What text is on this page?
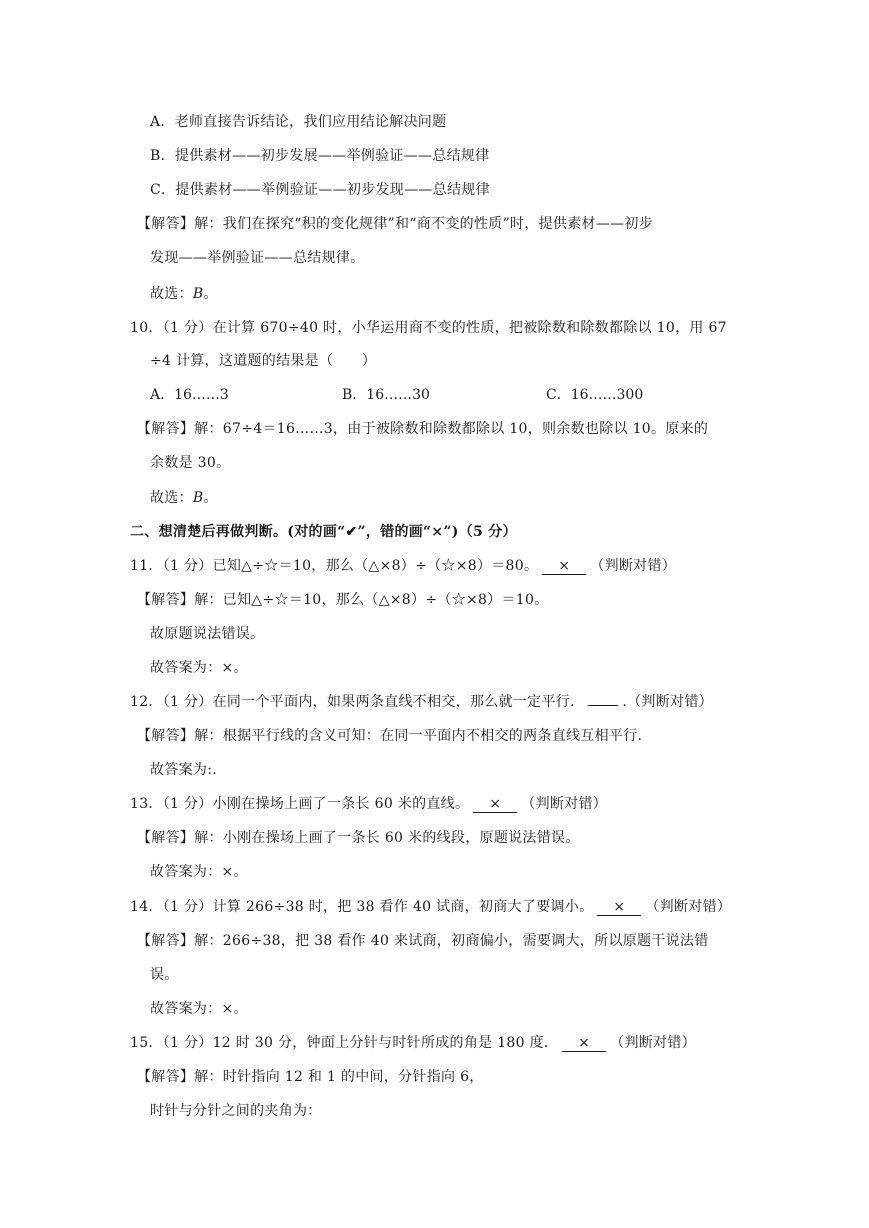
A．老师直接告诉结论，我们应用结论解决问题
B．提供素材——初步发展——举例验证——总结规律
C．提供素材——举例验证——初步发现——总结规律
【解答】解：我们在探究“积的变化规律”和“商不变的性质”时，提供素材——初步
发现——举例验证——总结规律。
故选：B。
10．（1 分）在计算 670÷40 时，小华运用商不变的性质，把被除数和除数都除以 10，用 67
÷4 计算，这道题的结果是（　　）
A．16……3	B．16……30	C．16……300
【解答】解：67÷4＝16……3，由于被除数和除数都除以 10，则余数也除以 10。原来的
余数是 30。
故选：B。
二、想清楚后再做判断。(对的画“✔”，错的画“×”)（5 分）
11．（1 分）已知△÷☆＝10，那么（△×8）÷（☆×8）＝80。 × （判断对错）
【解答】解：已知△÷☆＝10，那么（△×8）÷（☆×8）＝10。
故原题说法错误。
故答案为：×。
12．（1 分）在同一个平面内，如果两条直线不相交，那么就一定平行．	.（判断对错）
【解答】解：根据平行线的含义可知：在同一平面内不相交的两条直线互相平行.
故答案为:.
13．（1 分）小刚在操场上画了一条长 60 米的直线。 × （判断对错）
【解答】解：小刚在操场上画了一条长 60 米的线段，原题说法错误。
故答案为：×。
14．（1 分）计算 266÷38 时，把 38 看作 40 试商，初商大了要调小。 × （判断对错）
【解答】解：266÷38，把 38 看作 40 来试商，初商偏小，需要调大，所以原题干说法错
误。
故答案为：×。
15．（1 分）12 时 30 分，钟面上分针与时针所成的角是 180 度． × （判断对错）
【解答】解：时针指向 12 和 1 的中间，分针指向 6，
时针与分针之间的夹角为：
